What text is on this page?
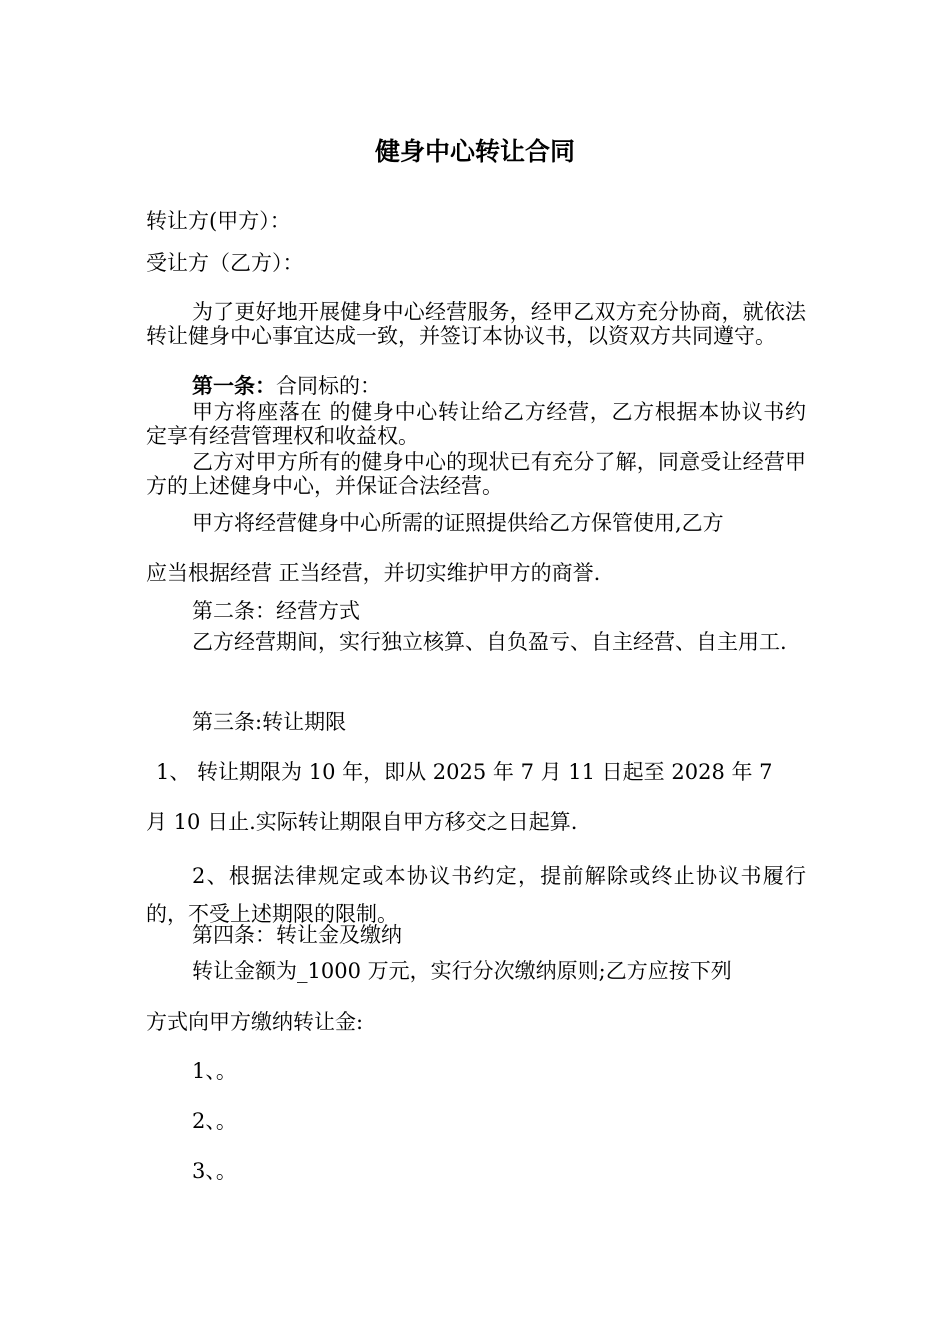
健身中心转让合同
转让方(甲方）：
受让方（乙方）：
为了更好地开展健身中心经营服务，经甲乙双方充分协商，就依法转让健身中心事宜达成一致，并签订本协议书，以资双方共同遵守。
第一条：合同标的：
甲方将座落在 的健身中心转让给乙方经营，乙方根据本协议书约定享有经营管理权和收益权。
乙方对甲方所有的健身中心的现状已有充分了解，同意受让经营甲方的上述健身中心，并保证合法经营。
甲方将经营健身中心所需的证照提供给乙方保管使用,乙方
应当根据经营 正当经营，并切实维护甲方的商誉.
第二条：经营方式
乙方经营期间，实行独立核算、自负盈亏、自主经营、自主用工.
第三条:转让期限
1、 转让期限为 10 年，即从 2025 年 7 月 11 日起至 2028 年 7
月 10 日止.实际转让期限自甲方移交之日起算.
2、根据法律规定或本协议书约定，提前解除或终止协议书履行的，不受上述期限的限制。
第四条：转让金及缴纳
转让金额为_1000 万元，实行分次缴纳原则;乙方应按下列
方式向甲方缴纳转让金:
1、。
2、。
3、。
